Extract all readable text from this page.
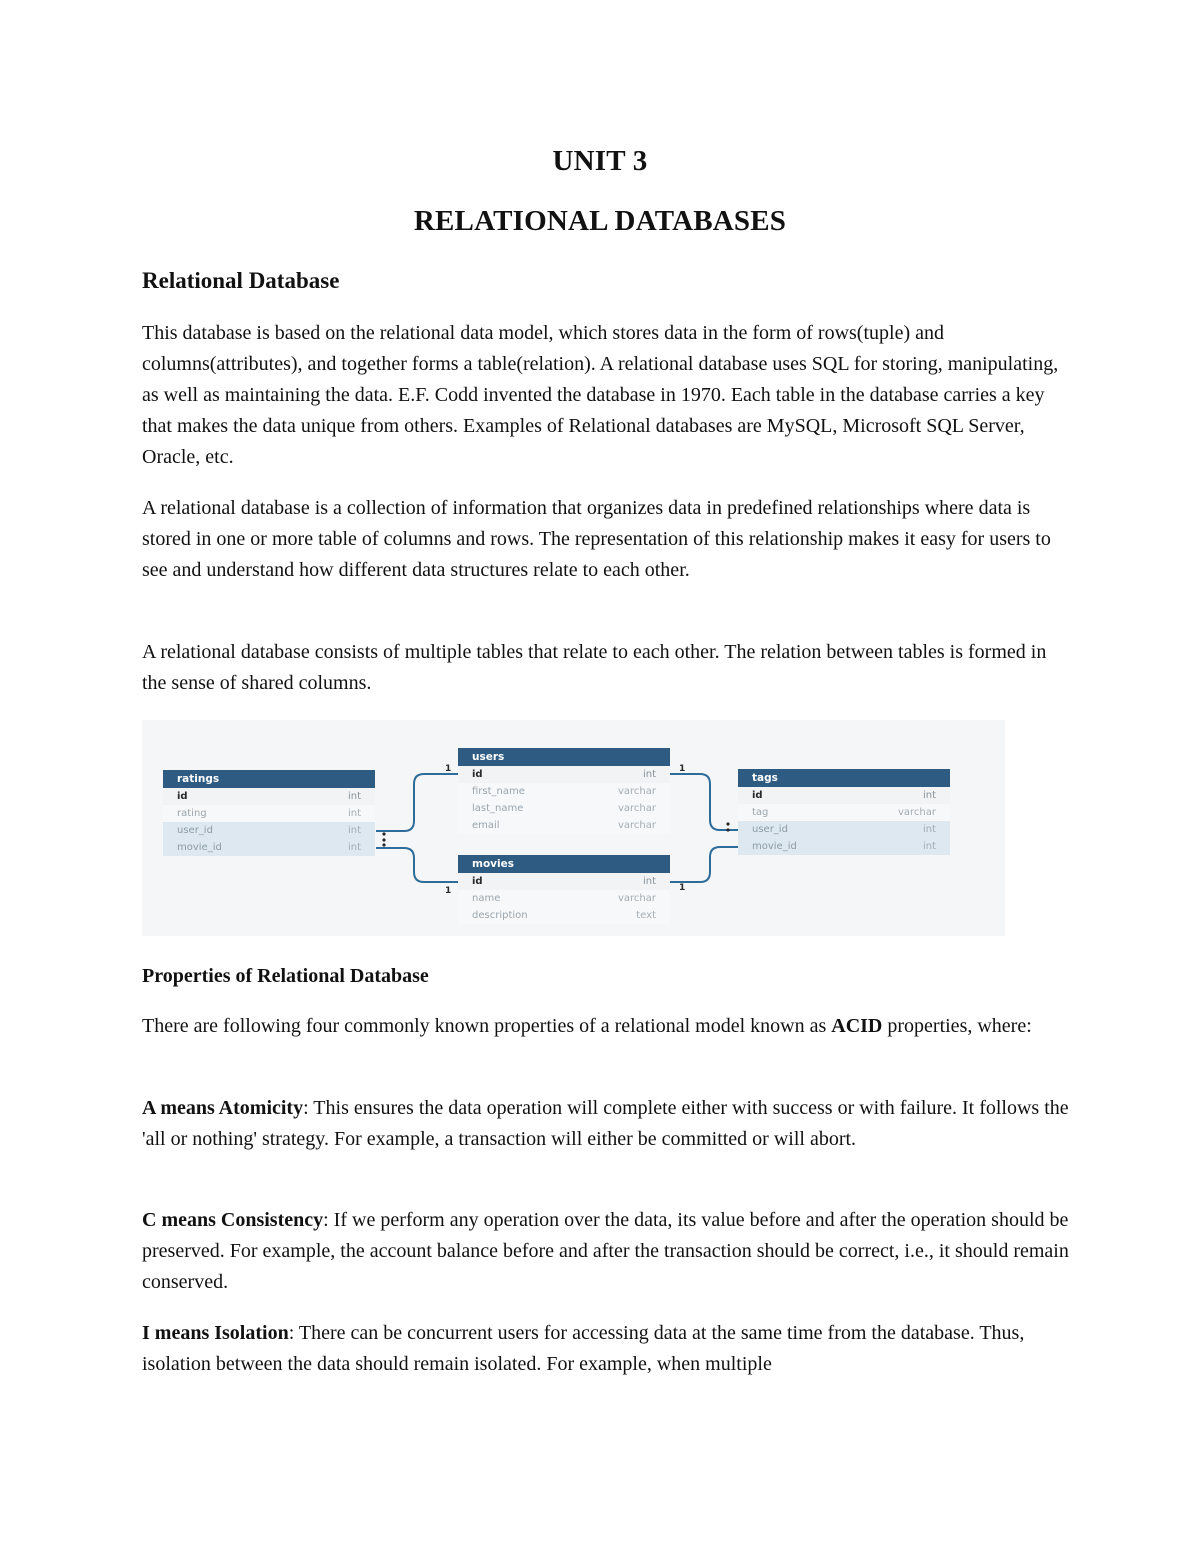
UNIT 3
RELATIONAL DATABASES
Relational Database

This database is based on the relational data model, which stores data in the form of rows(tuple) and columns(attributes), and together forms a table(relation). A relational database uses SQL for storing, manipulating, as well as maintaining the data. E.F. Codd invented the database in 1970. Each table in the database carries a key that makes the data unique from others. Examples of Relational databases are MySQL, Microsoft SQL Server, Oracle, etc.

A relational database is a collection of information that organizes data in predefined relationships where data is stored in one or more table of columns and rows. The representation of this relationship makes it easy for users to see and understand how different data structures relate to each other.

A relational database consists of multiple tables that relate to each other. The relation between tables is formed in the sense of shared columns.

1
1
1
1
ratings
id	int
rating	int
user_id	int
movie_id	int
users
id	int
first_name	varchar
last_name	varchar
email	varchar
movies
id	int
name	varchar
description	text
tags
id	int
tag	varchar
user_id	int
movie_id	int
Properties of Relational Database

There are following four commonly known properties of a relational model known as ACID properties, where:

A means Atomicity: This ensures the data operation will complete either with success or with failure. It follows the 'all or nothing' strategy. For example, a transaction will either be committed or will abort.

C means Consistency: If we perform any operation over the data, its value before and after the operation should be preserved. For example, the account balance before and after the transaction should be correct, i.e., it should remain conserved.

I means Isolation: There can be concurrent users for accessing data at the same time from the database. Thus, isolation between the data should remain isolated. For example, when multiple
